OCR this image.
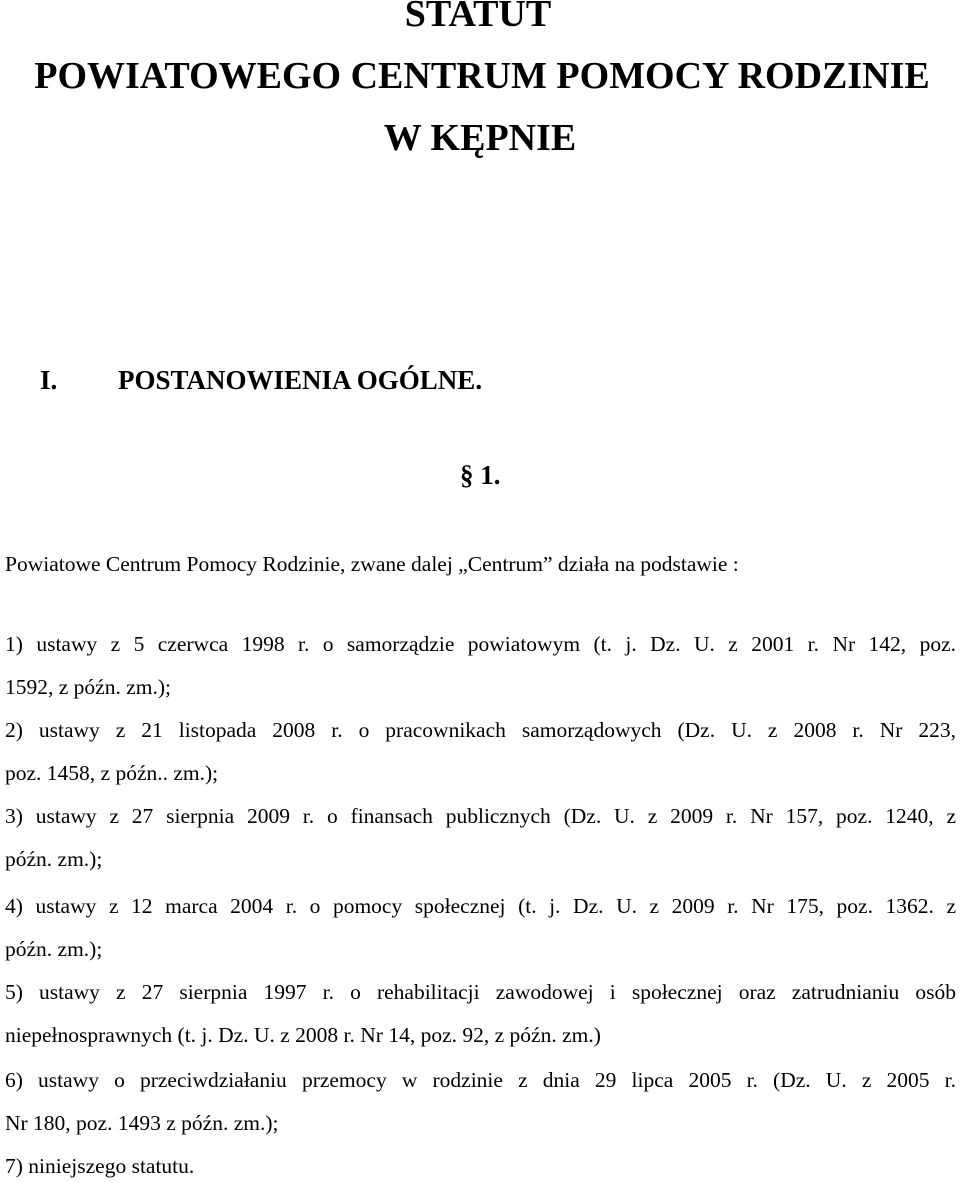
STATUT
POWIATOWEGO CENTRUM POMOCY RODZINIE
W KĘPNIE
I. POSTANOWIENIA OGÓLNE.
§ 1.
Powiatowe Centrum Pomocy Rodzinie, zwane dalej „Centrum” działa na podstawie :
1) ustawy z 5 czerwca 1998 r. o samorządzie powiatowym (t. j. Dz. U. z 2001 r. Nr 142, poz.
1592, z późn. zm.);
2) ustawy z 21 listopada 2008 r. o pracownikach samorządowych (Dz. U. z 2008 r. Nr 223,
poz. 1458, z późn.. zm.);
3) ustawy z 27 sierpnia 2009 r. o finansach publicznych (Dz. U. z 2009 r. Nr 157, poz. 1240, z
późn. zm.);
4) ustawy z 12 marca 2004 r. o pomocy społecznej (t. j. Dz. U. z 2009 r. Nr 175, poz. 1362. z
późn. zm.);
5) ustawy z 27 sierpnia 1997 r. o rehabilitacji zawodowej i społecznej oraz zatrudnianiu osób
niepełnosprawnych (t. j. Dz. U. z 2008 r. Nr 14, poz. 92, z późn. zm.)
6) ustawy o przeciwdziałaniu przemocy w rodzinie z dnia 29 lipca 2005 r. (Dz. U. z 2005 r.
Nr 180, poz. 1493 z późn. zm.);
7) niniejszego statutu.
